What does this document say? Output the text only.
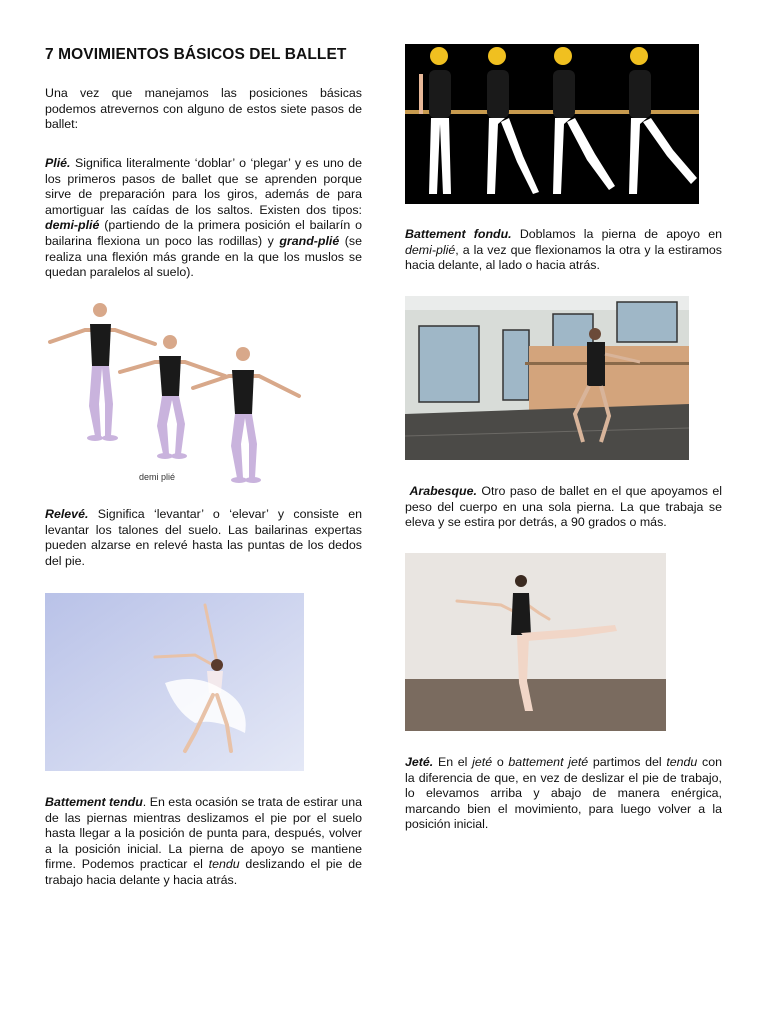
7 MOVIMIENTOS BÁSICOS DEL BALLET
Una vez que manejamos las posiciones básicas podemos atrevernos con alguno de estos siete pasos de ballet:
Plié. Significa literalmente ‘doblar’ o ‘plegar’ y es uno de los primeros pasos de ballet que se aprenden porque sirve de preparación para los giros, además de para amortiguar las caídas de los saltos. Existen dos tipos: demi-plié (partiendo de la primera posición el bailarín o bailarina flexiona un poco las rodillas) y grand-plié (se realiza una flexión más grande en la que los muslos se quedan paralelos al suelo).
demi plié
Relevé. Significa ‘levantar’ o ‘elevar’ y consiste en levantar los talones del suelo. Las bailarinas expertas pueden alzarse en relevé hasta las puntas de los dedos del pie.
Battement tendu. En esta ocasión se trata de estirar una de las piernas mientras deslizamos el pie por el suelo hasta llegar a la posición de punta para, después, volver a la posición inicial. La pierna de apoyo se mantiene firme. Podemos practicar el tendu deslizando el pie de trabajo hacia delante y hacia atrás.
Battement fondu. Doblamos la pierna de apoyo en demi-plié, a la vez que flexionamos la otra y la estiramos hacia delante, al lado o hacia atrás.
Arabesque. Otro paso de ballet en el que apoyamos el peso del cuerpo en una sola pierna. La que trabaja se eleva y se estira por detrás, a 90 grados o más.
Jeté. En el jeté o battement jeté partimos del tendu con la diferencia de que, en vez de deslizar el pie de trabajo, lo elevamos arriba y abajo de manera enérgica, marcando bien el movimiento, para luego volver a la posición inicial.
